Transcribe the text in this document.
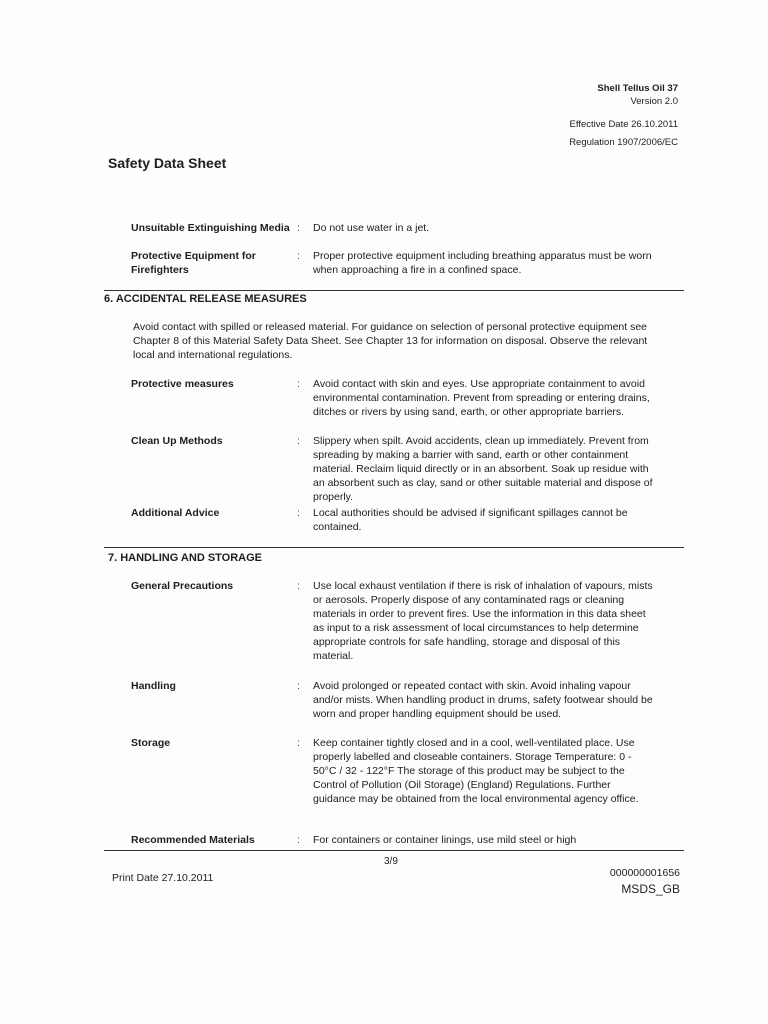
Shell Tellus Oil 37
Version 2.0
Effective Date 26.10.2011
Regulation 1907/2006/EC
Safety Data Sheet
Unsuitable Extinguishing Media : Do not use water in a jet.
Protective Equipment for Firefighters
: Proper protective equipment including breathing apparatus must be worn when approaching a fire in a confined space.
6. ACCIDENTAL RELEASE MEASURES
Avoid contact with spilled or released material. For guidance on selection of personal protective equipment see Chapter 8 of this Material Safety Data Sheet. See Chapter 13 for information on disposal. Observe the relevant local and international regulations.
Protective measures	: Avoid contact with skin and eyes. Use appropriate containment to avoid environmental contamination. Prevent from spreading or entering drains, ditches or rivers by using sand, earth, or other appropriate barriers.
Clean Up Methods	: Slippery when spilt. Avoid accidents, clean up immediately. Prevent from spreading by making a barrier with sand, earth or other containment material. Reclaim liquid directly or in an absorbent. Soak up residue with an absorbent such as clay, sand or other suitable material and dispose of properly.
Additional Advice	: Local authorities should be advised if significant spillages cannot be contained.
7. HANDLING AND STORAGE
General Precautions	: Use local exhaust ventilation if there is risk of inhalation of vapours, mists or aerosols. Properly dispose of any contaminated rags or cleaning materials in order to prevent fires. Use the information in this data sheet as input to a risk assessment of local circumstances to help determine appropriate controls for safe handling, storage and disposal of this material.
Handling	: Avoid prolonged or repeated contact with skin. Avoid inhaling vapour and/or mists. When handling product in drums, safety footwear should be worn and proper handling equipment should be used.
Storage	: Keep container tightly closed and in a cool, well-ventilated place. Use properly labelled and closeable containers. Storage Temperature: 0 - 50°C / 32 - 122°F The storage of this product may be subject to the Control of Pollution (Oil Storage) (England) Regulations. Further guidance may be obtained from the local environmental agency office.
Recommended Materials	: For containers or container linings, use mild steel or high
3/9
Print Date 27.10.2011	000000001656
MSDS_GB
